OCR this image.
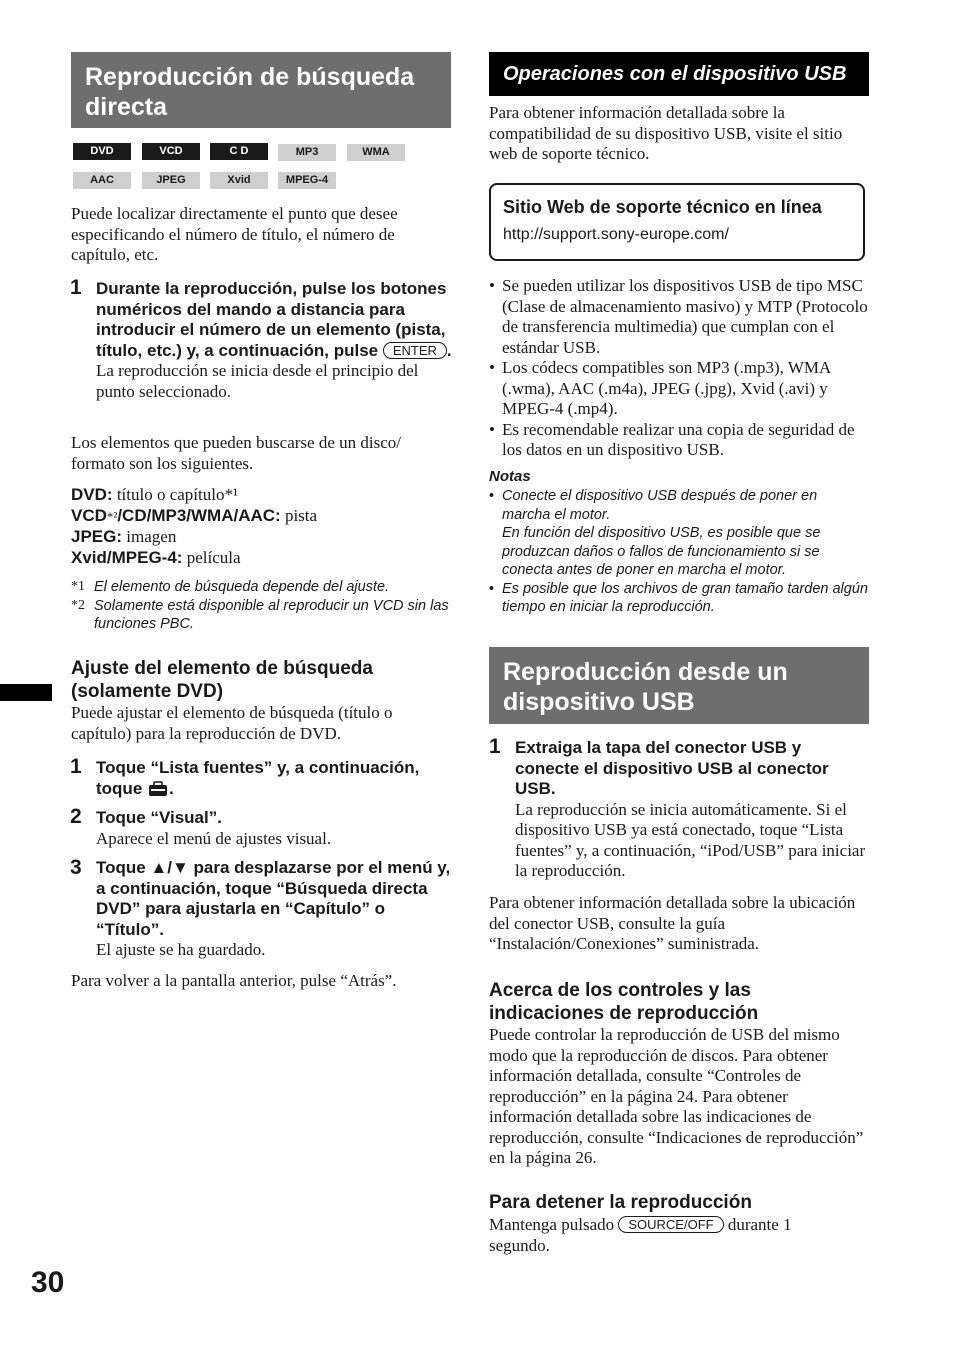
Reproducción de búsqueda directa
DVD	VCD	C D	MP3	WMA
AAC	JPEG	Xvid	MPEG-4

Puede localizar directamente el punto que desee especificando el número de título, el número de capítulo, etc.

1 Durante la reproducción, pulse los botones numéricos del mando a distancia para introducir el número de un elemento (pista, título, etc.) y, a continuación, pulse ENTER .

La reproducción se inicia desde el principio del punto seleccionado.

Los elementos que pueden buscarse de un disco/ formato son los siguientes.

DVD: título o capítulo*¹
VCD*²/CD/MP3/WMA/AAC: pista
JPEG: imagen
Xvid/MPEG-4: película
*1 El elemento de búsqueda depende del ajuste.
*2 Solamente está disponible al reproducir un VCD sin las funciones PBC.

Ajuste del elemento de búsqueda (solamente DVD)

Puede ajustar el elemento de búsqueda (título o capítulo) para la reproducción de DVD.

1 Toque “Lista fuentes” y, a continuación, toque .

2 Toque “Visual”.

Aparece el menú de ajustes visual.

3 Toque ▲/▼ para desplazarse por el menú y, a continuación, toque “Búsqueda directa DVD” para ajustarla en “Capítulo” o “Título”.

El ajuste se ha guardado.

Para volver a la pantalla anterior, pulse “Atrás”.

30
Operaciones con el dispositivo USB

Para obtener información detallada sobre la compatibilidad de su dispositivo USB, visite el sitio web de soporte técnico.

Sitio Web de soporte técnico en línea
http://support.sony-europe.com/
• Se pueden utilizar los dispositivos USB de tipo MSC (Clase de almacenamiento masivo) y MTP (Protocolo de transferencia multimedia) que cumplan con el estándar USB.
• Los códecs compatibles son MP3 (.mp3), WMA (.wma), AAC (.m4a), JPEG (.jpg), Xvid (.avi) y MPEG-4 (.mp4).
• Es recomendable realizar una copia de seguridad de los datos en un dispositivo USB.
Notas
• Conecte el dispositivo USB después de poner en marcha el motor.
En función del dispositivo USB, es posible que se produzcan daños o fallos de funcionamiento si se conecta antes de poner en marcha el motor.
• Es posible que los archivos de gran tamaño tarden algún tiempo en iniciar la reproducción.
Reproducción desde un dispositivo USB
1 Extraiga la tapa del conector USB y conecte el dispositivo USB al conector USB.

La reproducción se inicia automáticamente. Si el dispositivo USB ya está conectado, toque “Lista fuentes” y, a continuación, “iPod/USB” para iniciar la reproducción.

Para obtener información detallada sobre la ubicación del conector USB, consulte la guía “Instalación/Conexiones” suministrada.

Acerca de los controles y las indicaciones de reproducción

Puede controlar la reproducción de USB del mismo modo que la reproducción de discos. Para obtener información detallada, consulte “Controles de reproducción” en la página 24. Para obtener información detallada sobre las indicaciones de reproducción, consulte “Indicaciones de reproducción” en la página 26.

Para detener la reproducción

Mantenga pulsado SOURCE/OFF durante 1 segundo.
